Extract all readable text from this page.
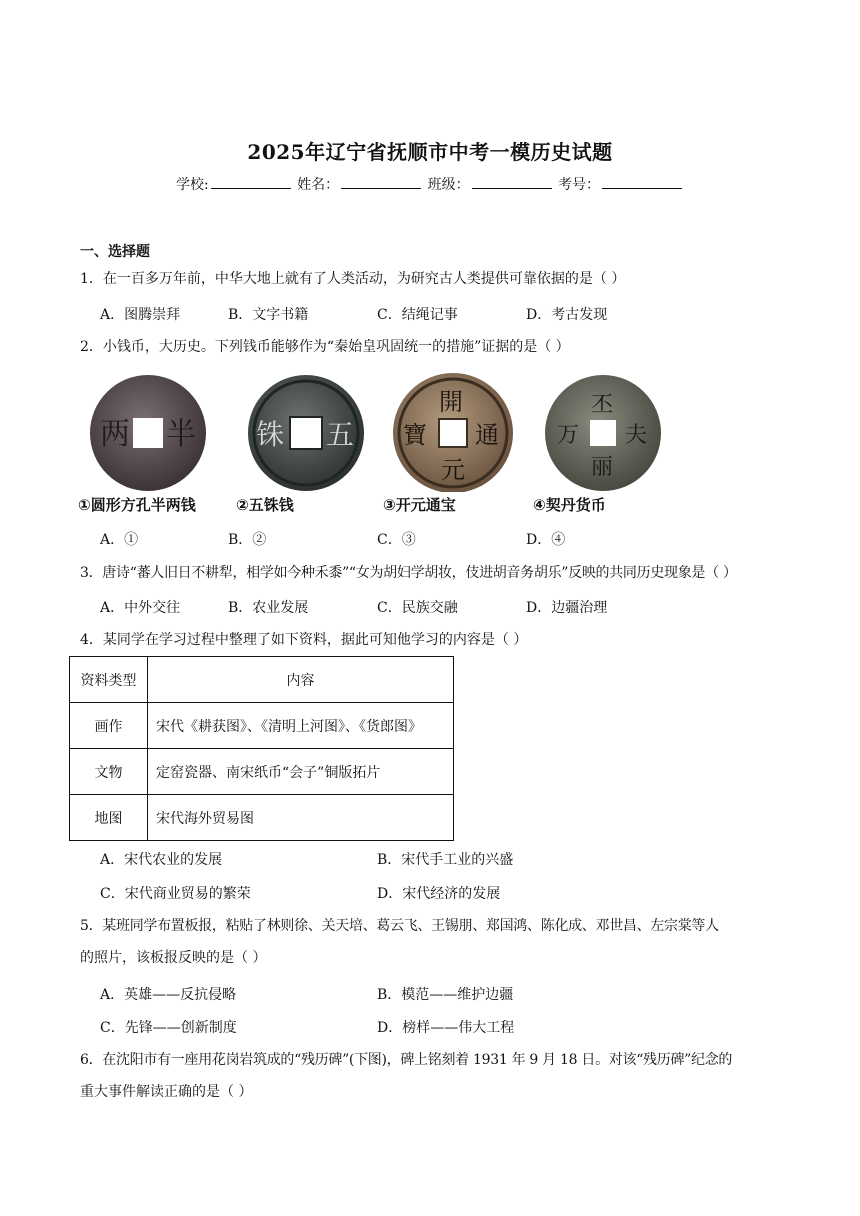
2025年辽宁省抚顺市中考一模历史试题
学校:	姓名：	班级：	考号：
一、选择题
1．在一百多万年前，中华大地上就有了人类活动，为研究古人类提供可靠依据的是（ ）
A．图腾崇拜	B．文字书籍	C．结绳记事	D．考古发现
2．小钱币，大历史。下列钱币能够作为“秦始皇巩固统一的措施”证据的是（ ）
两 半
①圆形方孔半两钱
铢 五
②五铢钱
開
寶 通
元
③开元通宝
丕
万 夫
丽
④契丹货币
A．①	B．②	C．③	D．④
3．唐诗“蕃人旧日不耕犁，相学如今种禾黍”“女为胡妇学胡妆，伎进胡音务胡乐”反映的共同历史现象是（ ）
A．中外交往	B．农业发展	C．民族交融	D．边疆治理
4．某同学在学习过程中整理了如下资料，据此可知他学习的内容是（ ）
资料类型	内容
画作	宋代《耕获图》、《清明上河图》、《货郎图》
文物	定窑瓷器、南宋纸币“会子”铜版拓片
地图	宋代海外贸易图
A．宋代农业的发展	B．宋代手工业的兴盛
C．宋代商业贸易的繁荣	D．宋代经济的发展
5．某班同学布置板报，粘贴了林则徐、关天培、葛云飞、王锡朋、郑国鸿、陈化成、邓世昌、左宗棠等人
的照片，该板报反映的是（ ）
A．英雄——反抗侵略	B．模范——维护边疆
C．先锋——创新制度	D．榜样——伟大工程
6．在沈阳市有一座用花岗岩筑成的“残历碑”(下图)，碑上铭刻着 1931 年 9 月 18 日。对该“残历碑”纪念的
重大事件解读正确的是（ ）
